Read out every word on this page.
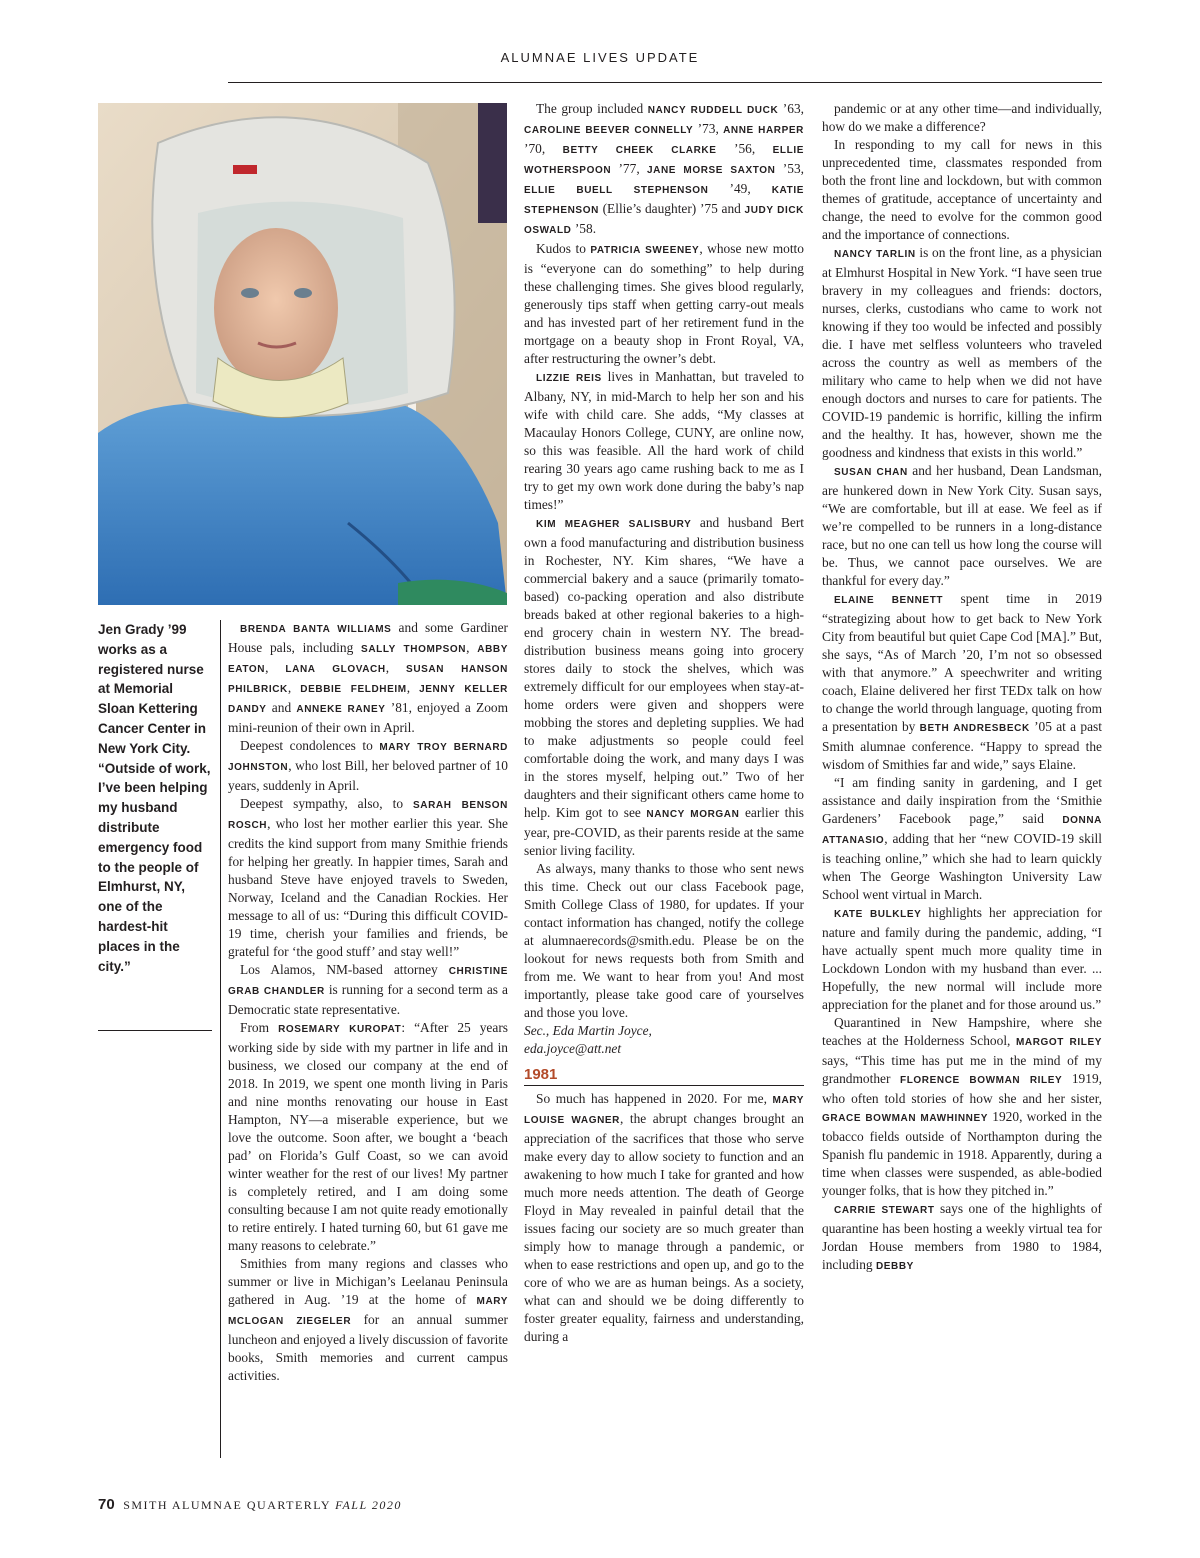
ALUMNAE LIVES UPDATE
Jen Grady ’99 works as a registered nurse at Memorial Sloan Kettering Cancer Center in New York City. “Outside of work, I’ve been helping my husband distribute emergency food to the people of Elmhurst, NY, one of the hardest-hit places in the city.”

BRENDA BANTA WILLIAMS and some Gardiner House pals, including SALLY THOMPSON, ABBY EATON, LANA GLOVACH, SUSAN HANSON PHILBRICK, DEBBIE FELDHEIM, JENNY KELLER DANDY and ANNEKE RANEY ’81, enjoyed a Zoom mini-reunion of their own in April.

Deepest condolences to MARY TROY BERNARD JOHNSTON, who lost Bill, her beloved partner of 10 years, suddenly in April.

Deepest sympathy, also, to SARAH BENSON ROSCH, who lost her mother earlier this year. She credits the kind support from many Smithie friends for helping her greatly. In happier times, Sarah and husband Steve have enjoyed travels to Sweden, Norway, Iceland and the Canadian Rockies. Her message to all of us: “During this difficult COVID-19 time, cherish your families and friends, be grateful for ‘the good stuff’ and stay well!”

Los Alamos, NM-based attorney CHRISTINE GRAB CHANDLER is running for a second term as a Democratic state representative.

From ROSEMARY KUROPAT: “After 25 years working side by side with my partner in life and in business, we closed our company at the end of 2018. In 2019, we spent one month living in Paris and nine months renovating our house in East Hampton, NY—a miserable experience, but we love the outcome. Soon after, we bought a ‘beach pad’ on Florida’s Gulf Coast, so we can avoid winter weather for the rest of our lives! My partner is completely retired, and I am doing some consulting because I am not quite ready emotionally to retire entirely. I hated turning 60, but 61 gave me many reasons to celebrate.”

Smithies from many regions and classes who summer or live in Michigan’s Leelanau Peninsula gathered in Aug. ’19 at the home of MARY MCLOGAN ZIEGELER for an annual summer luncheon and enjoyed a lively discussion of favorite books, Smith memories and current campus activities.

The group included NANCY RUDDELL DUCK ’63, CAROLINE BEEVER CONNELLY ’73, ANNE HARPER ’70, BETTY CHEEK CLARKE ’56, ELLIE WOTHERSPOON ’77, JANE MORSE SAXTON ’53, ELLIE BUELL STEPHENSON ’49, KATIE STEPHENSON (Ellie’s daughter) ’75 and JUDY DICK OSWALD ’58.

Kudos to PATRICIA SWEENEY, whose new motto is “everyone can do something” to help during these challenging times. She gives blood regularly, generously tips staff when getting carry-out meals and has invested part of her retirement fund in the mortgage on a beauty shop in Front Royal, VA, after restructuring the owner’s debt.

LIZZIE REIS lives in Manhattan, but traveled to Albany, NY, in mid-March to help her son and his wife with child care. She adds, “My classes at Macaulay Honors College, CUNY, are online now, so this was feasible. All the hard work of child rearing 30 years ago came rushing back to me as I try to get my own work done during the baby’s nap times!”

KIM MEAGHER SALISBURY and husband Bert own a food manufacturing and distribution business in Rochester, NY. Kim shares, “We have a commercial bakery and a sauce (primarily tomato-based) co-packing operation and also distribute breads baked at other regional bakeries to a high-end grocery chain in western NY. The bread-distribution business means going into grocery stores daily to stock the shelves, which was extremely difficult for our employees when stay-at-home orders were given and shoppers were mobbing the stores and depleting supplies. We had to make adjustments so people could feel comfortable doing the work, and many days I was in the stores myself, helping out.” Two of her daughters and their significant others came home to help. Kim got to see NANCY MORGAN earlier this year, pre-COVID, as their parents reside at the same senior living facility.

As always, many thanks to those who sent news this time. Check out our class Facebook page, Smith College Class of 1980, for updates. If your contact information has changed, notify the college at alumnaerecords@smith.edu. Please be on the lookout for news requests both from Smith and from me. We want to hear from you! And most importantly, please take good care of yourselves and those you love.

Sec., Eda Martin Joyce,

eda.joyce@att.net

1981

So much has happened in 2020. For me, MARY LOUISE WAGNER, the abrupt changes brought an appreciation of the sacrifices that those who serve make every day to allow society to function and an awakening to how much I take for granted and how much more needs attention. The death of George Floyd in May revealed in painful detail that the issues facing our society are so much greater than simply how to manage through a pandemic, or when to ease restrictions and open up, and go to the core of who we are as human beings. As a society, what can and should we be doing differently to foster greater equality, fairness and understanding, during a

pandemic or at any other time—and individually, how do we make a difference?

In responding to my call for news in this unprecedented time, classmates responded from both the front line and lockdown, but with common themes of gratitude, acceptance of uncertainty and change, the need to evolve for the common good and the importance of connections.

NANCY TARLIN is on the front line, as a physician at Elmhurst Hospital in New York. “I have seen true bravery in my colleagues and friends: doctors, nurses, clerks, custodians who came to work not knowing if they too would be infected and possibly die. I have met selfless volunteers who traveled across the country as well as members of the military who came to help when we did not have enough doctors and nurses to care for patients. The COVID-19 pandemic is horrific, killing the infirm and the healthy. It has, however, shown me the goodness and kindness that exists in this world.”

SUSAN CHAN and her husband, Dean Landsman, are hunkered down in New York City. Susan says, “We are comfortable, but ill at ease. We feel as if we’re compelled to be runners in a long-distance race, but no one can tell us how long the course will be. Thus, we cannot pace ourselves. We are thankful for every day.”

ELAINE BENNETT spent time in 2019 “strategizing about how to get back to New York City from beautiful but quiet Cape Cod [MA].” But, she says, “As of March ’20, I’m not so obsessed with that anymore.” A speechwriter and writing coach, Elaine delivered her first TEDx talk on how to change the world through language, quoting from a presentation by BETH ANDRESBECK ’05 at a past Smith alumnae conference. “Happy to spread the wisdom of Smithies far and wide,” says Elaine.

“I am finding sanity in gardening, and I get assistance and daily inspiration from the ‘Smithie Gardeners’ Facebook page,” said DONNA ATTANASIO, adding that her “new COVID-19 skill is teaching online,” which she had to learn quickly when The George Washington University Law School went virtual in March.

KATE BULKLEY highlights her appreciation for nature and family during the pandemic, adding, “I have actually spent much more quality time in Lockdown London with my husband than ever. ... Hopefully, the new normal will include more appreciation for the planet and for those around us.”

Quarantined in New Hampshire, where she teaches at the Holderness School, MARGOT RILEY says, “This time has put me in the mind of my grandmother FLORENCE BOWMAN RILEY 1919, who often told stories of how she and her sister, GRACE BOWMAN MAWHINNEY 1920, worked in the tobacco fields outside of Northampton during the Spanish flu pandemic in 1918. Apparently, during a time when classes were suspended, as able-bodied younger folks, that is how they pitched in.”

CARRIE STEWART says one of the highlights of quarantine has been hosting a weekly virtual tea for Jordan House members from 1980 to 1984, including DEBBY

70 SMITH ALUMNAE QUARTERLY FALL 2020
